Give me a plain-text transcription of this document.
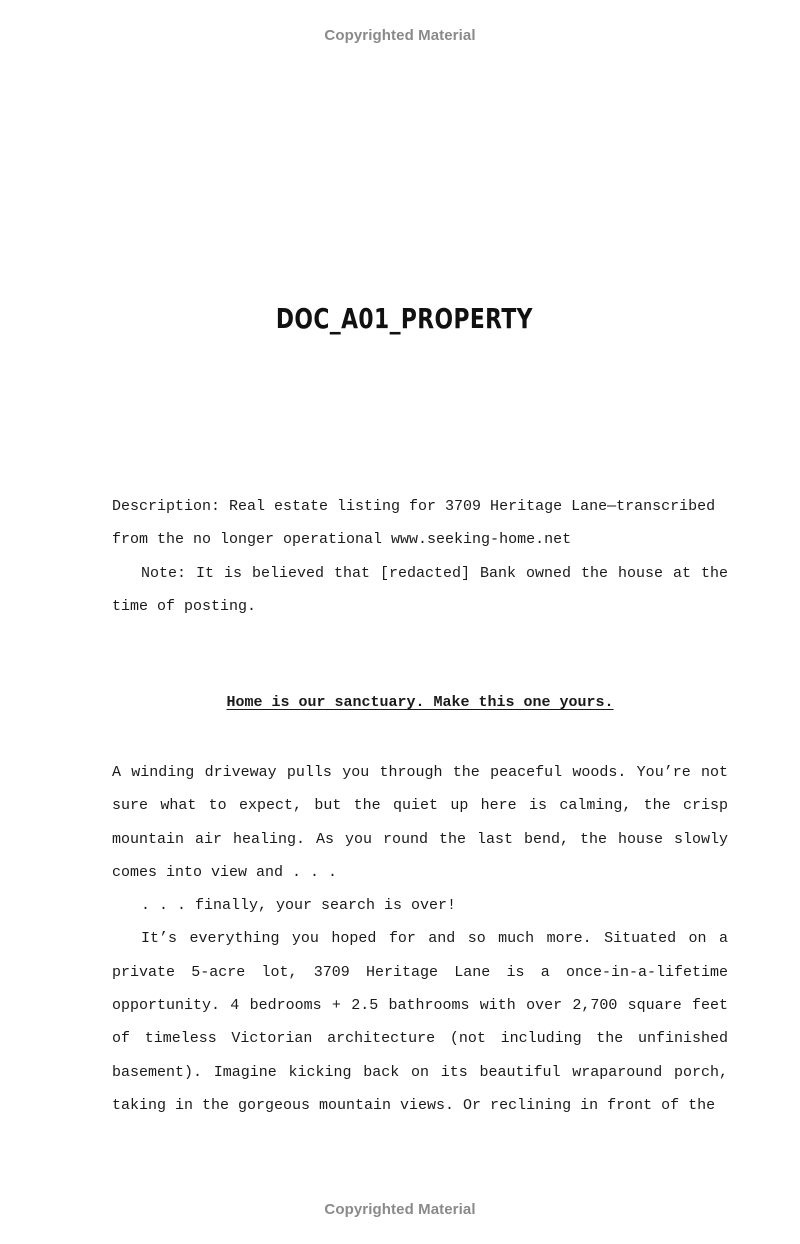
Copyrighted Material
DOC_A01_PROPERTY

Description: Real estate listing for 3709 Heritage Lane—transcribed from the no longer operational www.seeking-home.net

Note: It is believed that [redacted] Bank owned the house at the time of posting.

Home is our sanctuary. Make this one yours.

A winding driveway pulls you through the peaceful woods. You’re not sure what to expect, but the quiet up here is calming, the crisp mountain air healing. As you round the last bend, the house slowly comes into view and . . .

. . . finally, your search is over!

It’s everything you hoped for and so much more. Situated on a private 5-acre lot, 3709 Heritage Lane is a once-in-a-lifetime opportunity. 4 bedrooms + 2.5 bathrooms with over 2,700 square feet of timeless Victorian architecture (not including the unfinished basement). Imagine kicking back on its beautiful wraparound porch, taking in the gorgeous mountain views. Or reclining in front of the

Copyrighted Material
